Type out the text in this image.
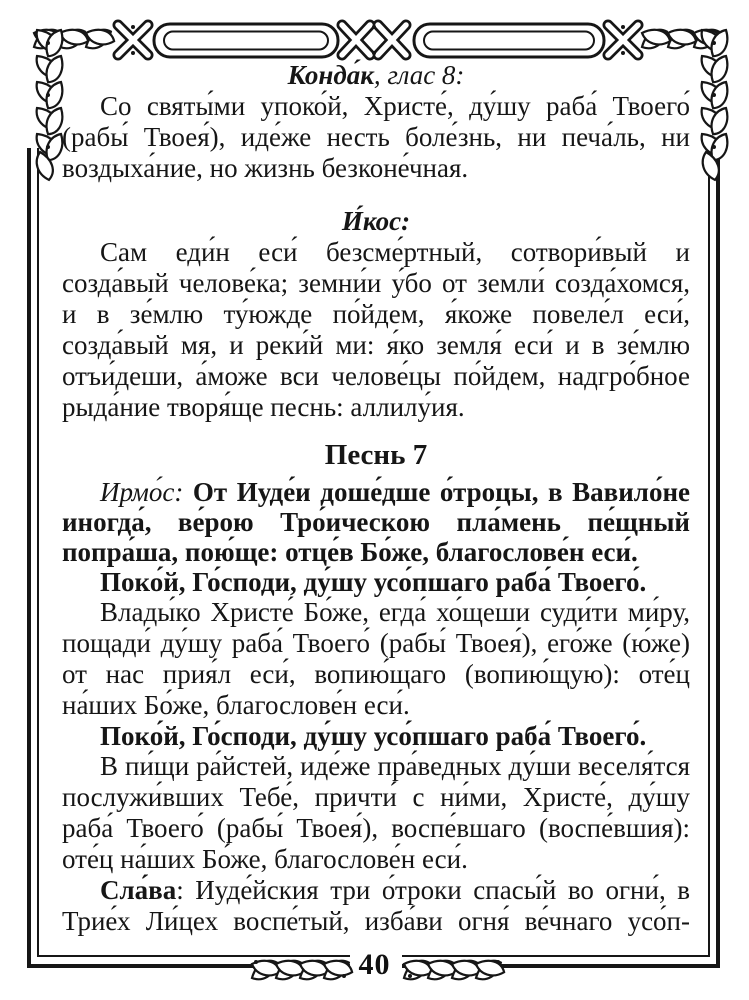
Конда́к, глас 8:

Со святы́ми упоко́й, Христе́, ду́шу раба́ Твоего́ (рабы́ Твоея́), иде́же несть боле́знь, ни печа́ль, ни воздыха́ние, но жизнь безконе́чная.

И́кос:

Сам еди́н еси́ безсме́ртный, сотвори́вый и созда́вый челове́ка; земни́и у́бо от земли́ созда́хомся, и в зе́млю ту́южде по́йдем, я́коже повеле́л еси́, созда́вый мя, и реки́й ми: я́ко земля́ еси́ и в зе́млю отъи́деши, а́може вси челове́цы по́йдем, надгро́бное рыда́ние творя́ще песнь: аллилу́ия.

Песнь 7

Ирмо́с: От Иуде́и доше́дше о́троцы, в Вавило́не иногда́, ве́рою Тро́ическою пла́мень пе́щный попра́ша, пою́ще: отце́в Бо́же, благослове́н еси́.

Поко́й, Го́споди, ду́шу усо́пшаго раба́ Твоего́.

Влады́ко Христе́ Бо́же, егда́ хо́щеши суди́ти ми́ру, пощади́ ду́шу раба́ Твоего́ (рабы́ Твоея́), его́же (ю́же) от нас прия́л еси́, вопию́щаго (вопию́щую): оте́ц на́ших Бо́же, благослове́н еси́.

Поко́й, Го́споди, ду́шу усо́пшаго раба́ Твоего́.

В пи́щи ра́йстей, иде́же пра́ведных ду́ши веселя́тся послужи́вших Тебе́, причти́ с ни́ми, Христе́, ду́шу раба́ Твоего́ (рабы́ Твоея́), воспе́вшаго (воспе́вшия): оте́ц на́ших Бо́же, благослове́н еси́.

Сла́ва: Иуде́йския три о́троки спасы́й во огни́, в Трие́х Ли́цех воспе́тый, изба́ви огня́ ве́чнаго усо́п-

40
